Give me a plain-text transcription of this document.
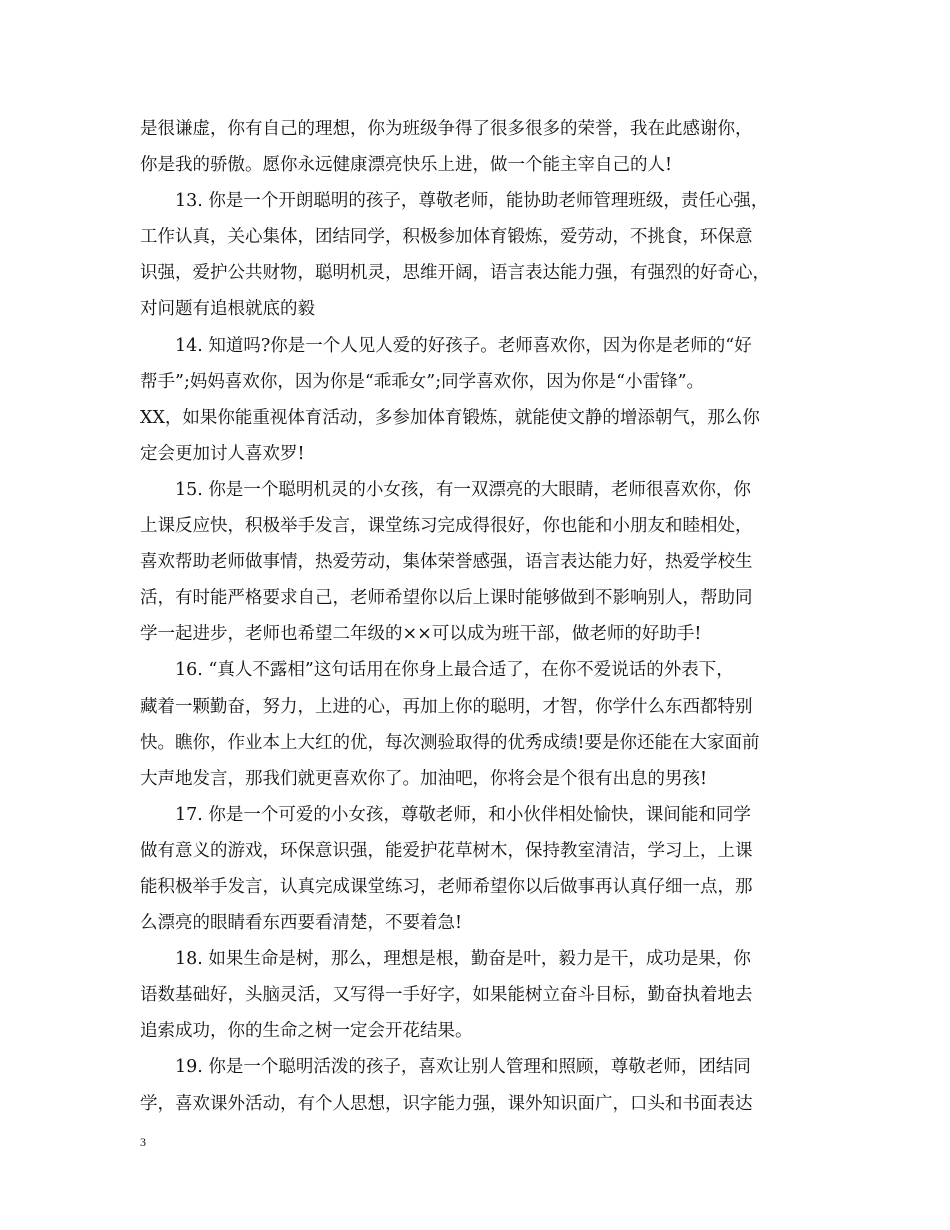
是很谦虚，你有自己的理想，你为班级争得了很多很多的荣誉，我在此感谢你，
你是我的骄傲。愿你永远健康漂亮快乐上进，做一个能主宰自己的人!
13. 你是一个开朗聪明的孩子，尊敬老师，能协助老师管理班级，责任心强，
工作认真，关心集体，团结同学，积极参加体育锻炼，爱劳动，不挑食，环保意
识强，爱护公共财物，聪明机灵，思维开阔，语言表达能力强，有强烈的好奇心，
对问题有追根就底的毅
14. 知道吗?你是一个人见人爱的好孩子。老师喜欢你，因为你是老师的“好
帮手”;妈妈喜欢你，因为你是“乖乖女”;同学喜欢你，因为你是“小雷锋”。
XX，如果你能重视体育活动，多参加体育锻炼，就能使文静的增添朝气，那么你
定会更加讨人喜欢罗!
15. 你是一个聪明机灵的小女孩，有一双漂亮的大眼睛，老师很喜欢你，你
上课反应快，积极举手发言，课堂练习完成得很好，你也能和小朋友和睦相处，
喜欢帮助老师做事情，热爱劳动，集体荣誉感强，语言表达能力好，热爱学校生
活，有时能严格要求自己，老师希望你以后上课时能够做到不影响别人，帮助同
学一起进步，老师也希望二年级的××可以成为班干部，做老师的好助手!
16. “真人不露相”这句话用在你身上最合适了，在你不爱说话的外表下，
藏着一颗勤奋，努力，上进的心，再加上你的聪明，才智，你学什么东西都特别
快。瞧你，作业本上大红的优，每次测验取得的优秀成绩!要是你还能在大家面前
大声地发言，那我们就更喜欢你了。加油吧，你将会是个很有出息的男孩!
17. 你是一个可爱的小女孩，尊敬老师，和小伙伴相处愉快，课间能和同学
做有意义的游戏，环保意识强，能爱护花草树木，保持教室清洁，学习上，上课
能积极举手发言，认真完成课堂练习，老师希望你以后做事再认真仔细一点，那
么漂亮的眼睛看东西要看清楚，不要着急!
18. 如果生命是树，那么，理想是根，勤奋是叶，毅力是干，成功是果，你
语数基础好，头脑灵活，又写得一手好字，如果能树立奋斗目标，勤奋执着地去
追索成功，你的生命之树一定会开花结果。
19. 你是一个聪明活泼的孩子，喜欢让别人管理和照顾，尊敬老师，团结同
学，喜欢课外活动，有个人思想，识字能力强，课外知识面广，口头和书面表达
3
